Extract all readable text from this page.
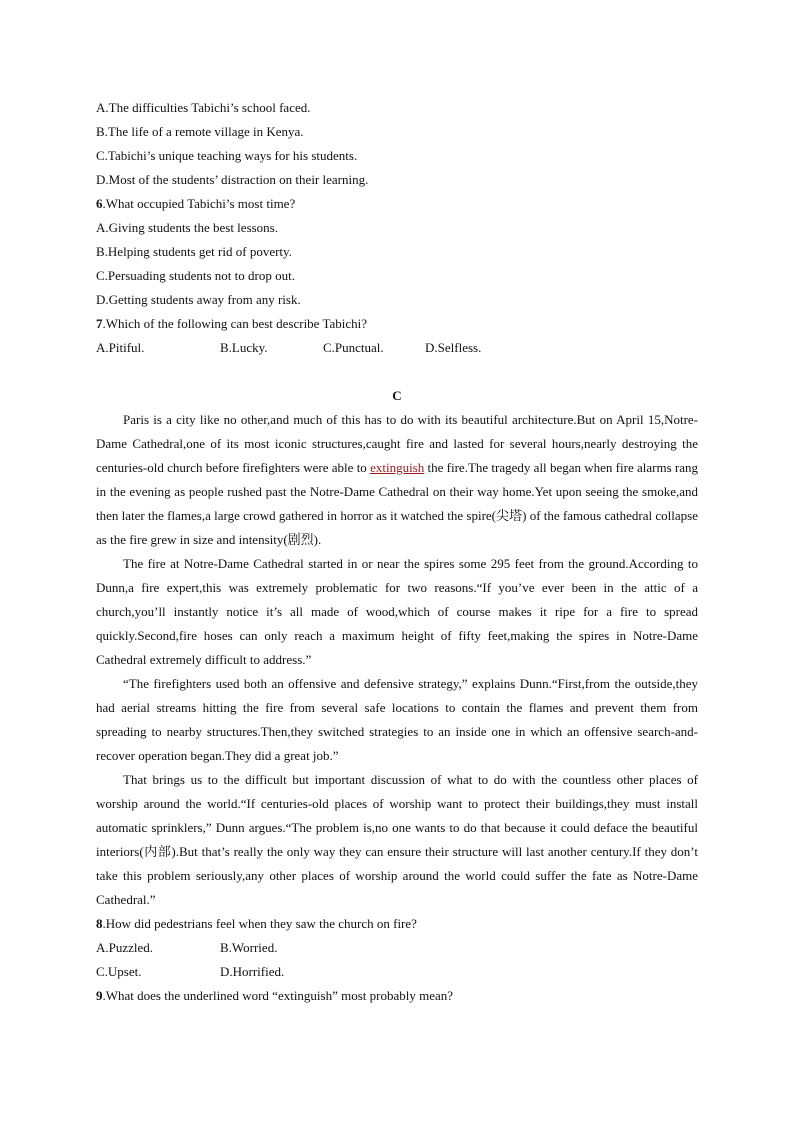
A.The difficulties Tabichi’s school faced.
B.The life of a remote village in Kenya.
C.Tabichi’s unique teaching ways for his students.
D.Most of the students’ distraction on their learning.
6.What occupied Tabichi’s most time?
A.Giving students the best lessons.
B.Helping students get rid of poverty.
C.Persuading students not to drop out.
D.Getting students away from any risk.
7.Which of the following can best describe Tabichi?
A.Pitiful.	B.Lucky.	C.Punctual.	D.Selfless.
C
Paris is a city like no other,and much of this has to do with its beautiful architecture.But on April 15,Notre-Dame Cathedral,one of its most iconic structures,caught fire and lasted for several hours,nearly destroying the centuries-old church before firefighters were able to extinguish the fire.The tragedy all began when fire alarms rang in the evening as people rushed past the Notre-Dame Cathedral on their way home.Yet upon seeing the smoke,and then later the flames,a large crowd gathered in horror as it watched the spire(尖塔) of the famous cathedral collapse as the fire grew in size and intensity(剧烈).
The fire at Notre-Dame Cathedral started in or near the spires some 295 feet from the ground.According to Dunn,a fire expert,this was extremely problematic for two reasons.“If you’ve ever been in the attic of a church,you’ll instantly notice it’s all made of wood,which of course makes it ripe for a fire to spread quickly.Second,fire hoses can only reach a maximum height of fifty feet,making the spires in Notre-Dame Cathedral extremely difficult to address.”
“The firefighters used both an offensive and defensive strategy,” explains Dunn.“First,from the outside,they had aerial streams hitting the fire from several safe locations to contain the flames and prevent them from spreading to nearby structures.Then,they switched strategies to an inside one in which an offensive search-and-recover operation began.They did a great job.”
That brings us to the difficult but important discussion of what to do with the countless other places of worship around the world.“If centuries-old places of worship want to protect their buildings,they must install automatic sprinklers,” Dunn argues.“The problem is,no one wants to do that because it could deface the beautiful interiors(内部).But that’s really the only way they can ensure their structure will last another century.If they don’t take this problem seriously,any other places of worship around the world could suffer the fate as Notre-Dame Cathedral.”
8.How did pedestrians feel when they saw the church on fire?
A.Puzzled.	B.Worried.
C.Upset.	D.Horrified.
9.What does the underlined word “extinguish” most probably mean?
